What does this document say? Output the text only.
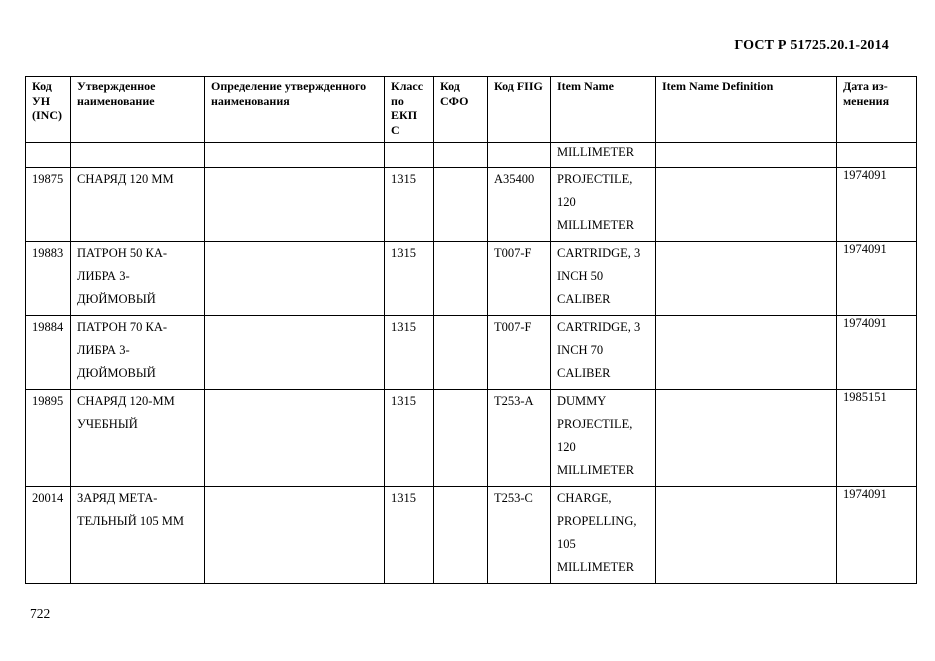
ГОСТ Р 51725.20.1-2014
Код УН (INC)	Утвержденное наименование	Определение утвержденного наименования	Класс по ЕКП С	Код СФО	Код FIIG	Item Name	Item Name Definition	Дата из-менения

						MILLIMETER		

19875	СНАРЯД 120 ММ		1315		A35400	PROJECTILE, 120 MILLIMETER		1974091

19883	ПАТРОН 50 КА-ЛИБРА 3-ДЮЙМОВЫЙ		1315		T007-F	CARTRIDGE, 3 INCH 50 CALIBER		1974091

19884	ПАТРОН 70 КА-ЛИБРА 3-ДЮЙМОВЫЙ		1315		T007-F	CARTRIDGE, 3 INCH 70 CALIBER		1974091

19895	СНАРЯД 120-ММ УЧЕБНЫЙ		1315		T253-A	DUMMY PROJECTILE, 120 MILLIMETER		1985151

20014	ЗАРЯД МЕТА-ТЕЛЬНЫЙ 105 ММ		1315		T253-C	CHARGE, PROPELLING, 105 MILLIMETER		1974091
722
